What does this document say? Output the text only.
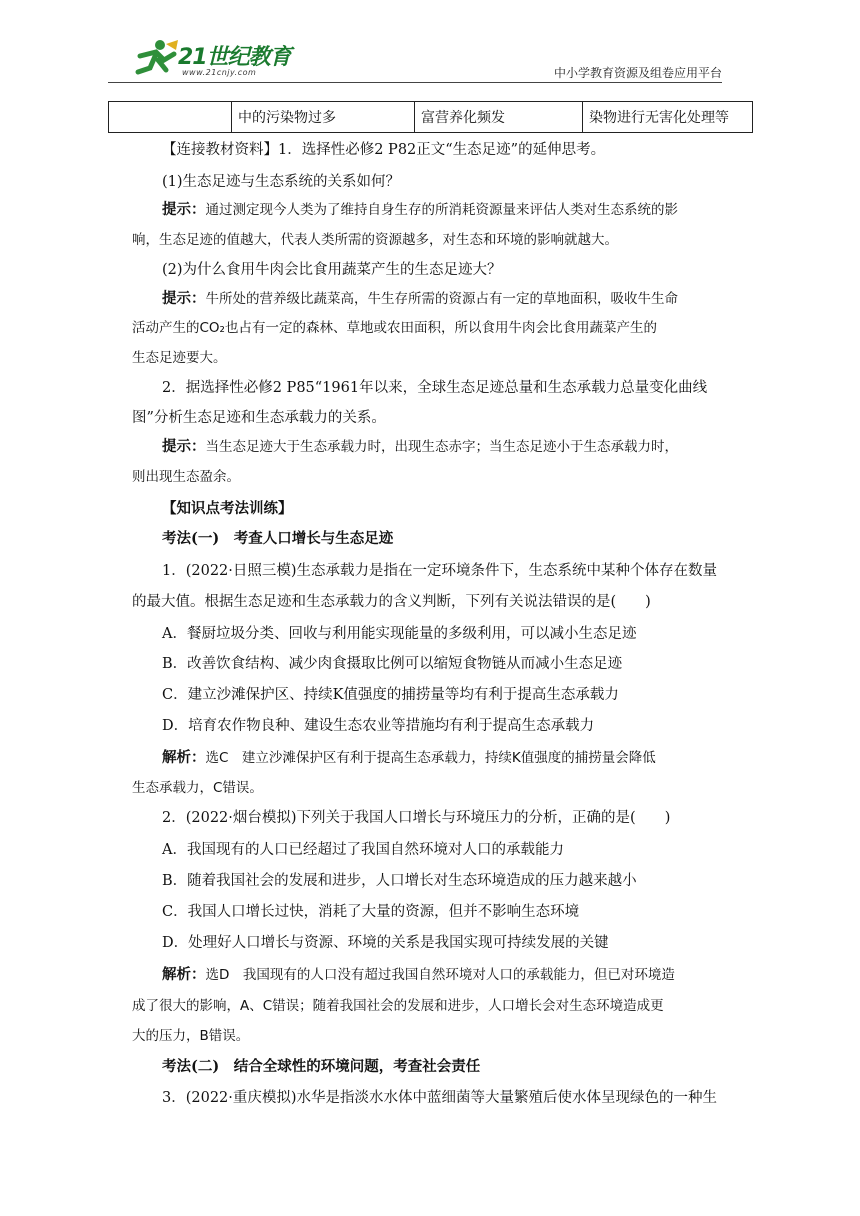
21世纪教育
www.21cnjy.com	中小学教育资源及组卷应用平台
	中的污染物过多	富营养化频发	染物进行无害化处理等
【连接教材资料】1．选择性必修2 P82正文“生态足迹”的延伸思考。
(1)生态足迹与生态系统的关系如何？
提示：通过测定现今人类为了维持自身生存的所消耗资源量来评估人类对生态系统的影
响，生态足迹的值越大，代表人类所需的资源越多，对生态和环境的影响就越大。
(2)为什么食用牛肉会比食用蔬菜产生的生态足迹大？
提示：牛所处的营养级比蔬菜高，牛生存所需的资源占有一定的草地面积，吸收牛生命
活动产生的CO₂也占有一定的森林、草地或农田面积，所以食用牛肉会比食用蔬菜产生的
生态足迹要大。
2．据选择性必修2 P85“1961年以来，全球生态足迹总量和生态承载力总量变化曲线
图”分析生态足迹和生态承载力的关系。
提示：当生态足迹大于生态承载力时，出现生态赤字；当生态足迹小于生态承载力时，
则出现生态盈余。
【知识点考法训练】
考法(一)　考查人口增长与生态足迹
1．(2022·日照三模)生态承载力是指在一定环境条件下，生态系统中某种个体存在数量
的最大值。根据生态足迹和生态承载力的含义判断，下列有关说法错误的是(　　)
A．餐厨垃圾分类、回收与利用能实现能量的多级利用，可以减小生态足迹
B．改善饮食结构、减少肉食摄取比例可以缩短食物链从而减小生态足迹
C．建立沙滩保护区、持续K值强度的捕捞量等均有利于提高生态承载力
D．培育农作物良种、建设生态农业等措施均有利于提高生态承载力
解析：选C　建立沙滩保护区有利于提高生态承载力，持续K值强度的捕捞量会降低
生态承载力，C错误。
2．(2022·烟台模拟)下列关于我国人口增长与环境压力的分析，正确的是(　　)
A．我国现有的人口已经超过了我国自然环境对人口的承载能力
B．随着我国社会的发展和进步，人口增长对生态环境造成的压力越来越小
C．我国人口增长过快，消耗了大量的资源，但并不影响生态环境
D．处理好人口增长与资源、环境的关系是我国实现可持续发展的关键
解析：选D　我国现有的人口没有超过我国自然环境对人口的承载能力，但已对环境造
成了很大的影响，A、C错误；随着我国社会的发展和进步，人口增长会对生态环境造成更
大的压力，B错误。
考法(二)　结合全球性的环境问题，考查社会责任
3．(2022·重庆模拟)水华是指淡水水体中蓝细菌等大量繁殖后使水体呈现绿色的一种生
